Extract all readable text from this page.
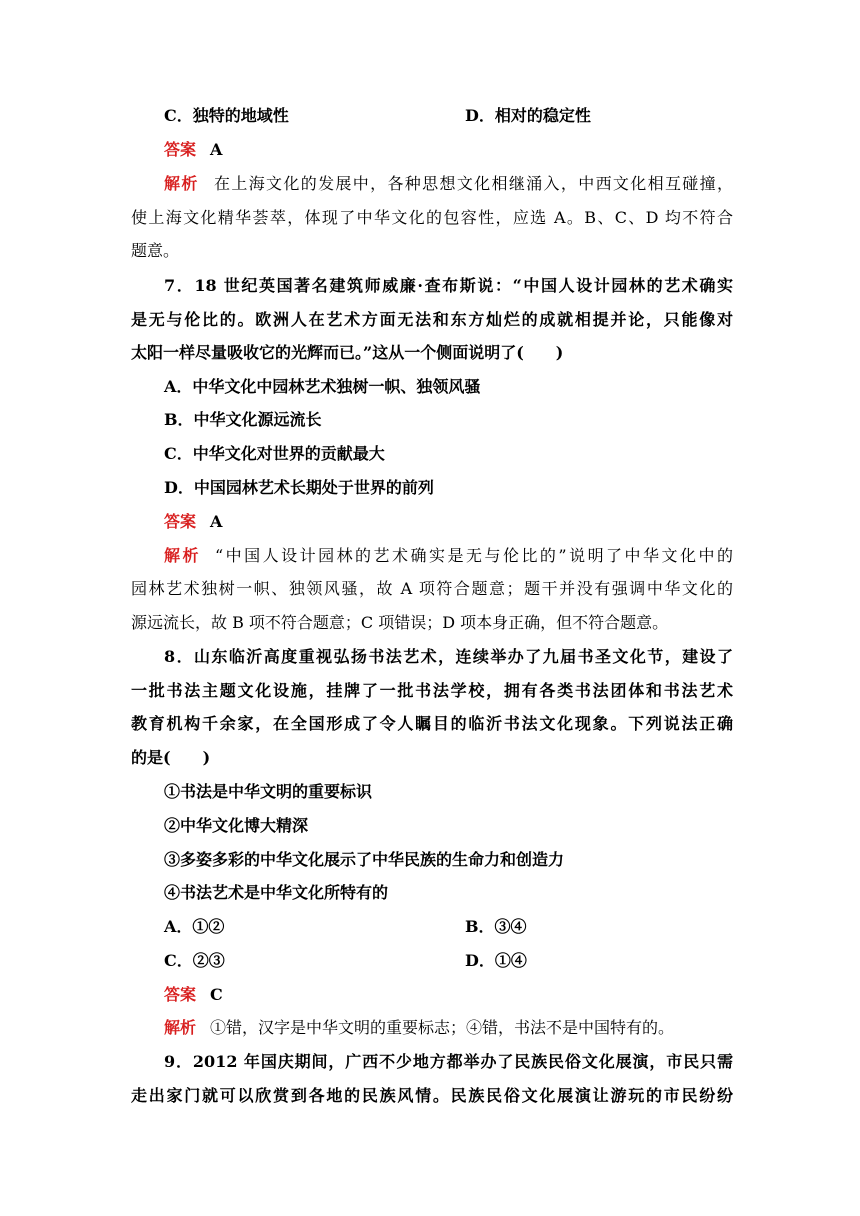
C．独特的地域性	D．相对的稳定性
答案 A
解析 在上海文化的发展中，各种思想文化相继涌入，中西文化相互碰撞，
使上海文化精华荟萃，体现了中华文化的包容性，应选 A。B、C、D 均不符合
题意。
7．18 世纪英国著名建筑师威廉·查布斯说：“中国人设计园林的艺术确实
是无与伦比的。欧洲人在艺术方面无法和东方灿烂的成就相提并论，只能像对
太阳一样尽量吸收它的光辉而已。”这从一个侧面说明了(　　)
A．中华文化中园林艺术独树一帜、独领风骚
B．中华文化源远流长
C．中华文化对世界的贡献最大
D．中国园林艺术长期处于世界的前列
答案 A
解析 “中国人设计园林的艺术确实是无与伦比的”说明了中华文化中的
园林艺术独树一帜、独领风骚，故 A 项符合题意；题干并没有强调中华文化的
源远流长，故 B 项不符合题意；C 项错误；D 项本身正确，但不符合题意。
8．山东临沂高度重视弘扬书法艺术，连续举办了九届书圣文化节，建设了
一批书法主题文化设施，挂牌了一批书法学校，拥有各类书法团体和书法艺术
教育机构千余家，在全国形成了令人瞩目的临沂书法文化现象。下列说法正确
的是(　　)
①书法是中华文明的重要标识
②中华文化博大精深
③多姿多彩的中华文化展示了中华民族的生命力和创造力
④书法艺术是中华文化所特有的
A．①②	B．③④
C．②③	D．①④
答案 C
解析 ①错，汉字是中华文明的重要标志；④错，书法不是中国特有的。
9．2012 年国庆期间，广西不少地方都举办了民族民俗文化展演，市民只需
走出家门就可以欣赏到各地的民族风情。民族民俗文化展演让游玩的市民纷纷
